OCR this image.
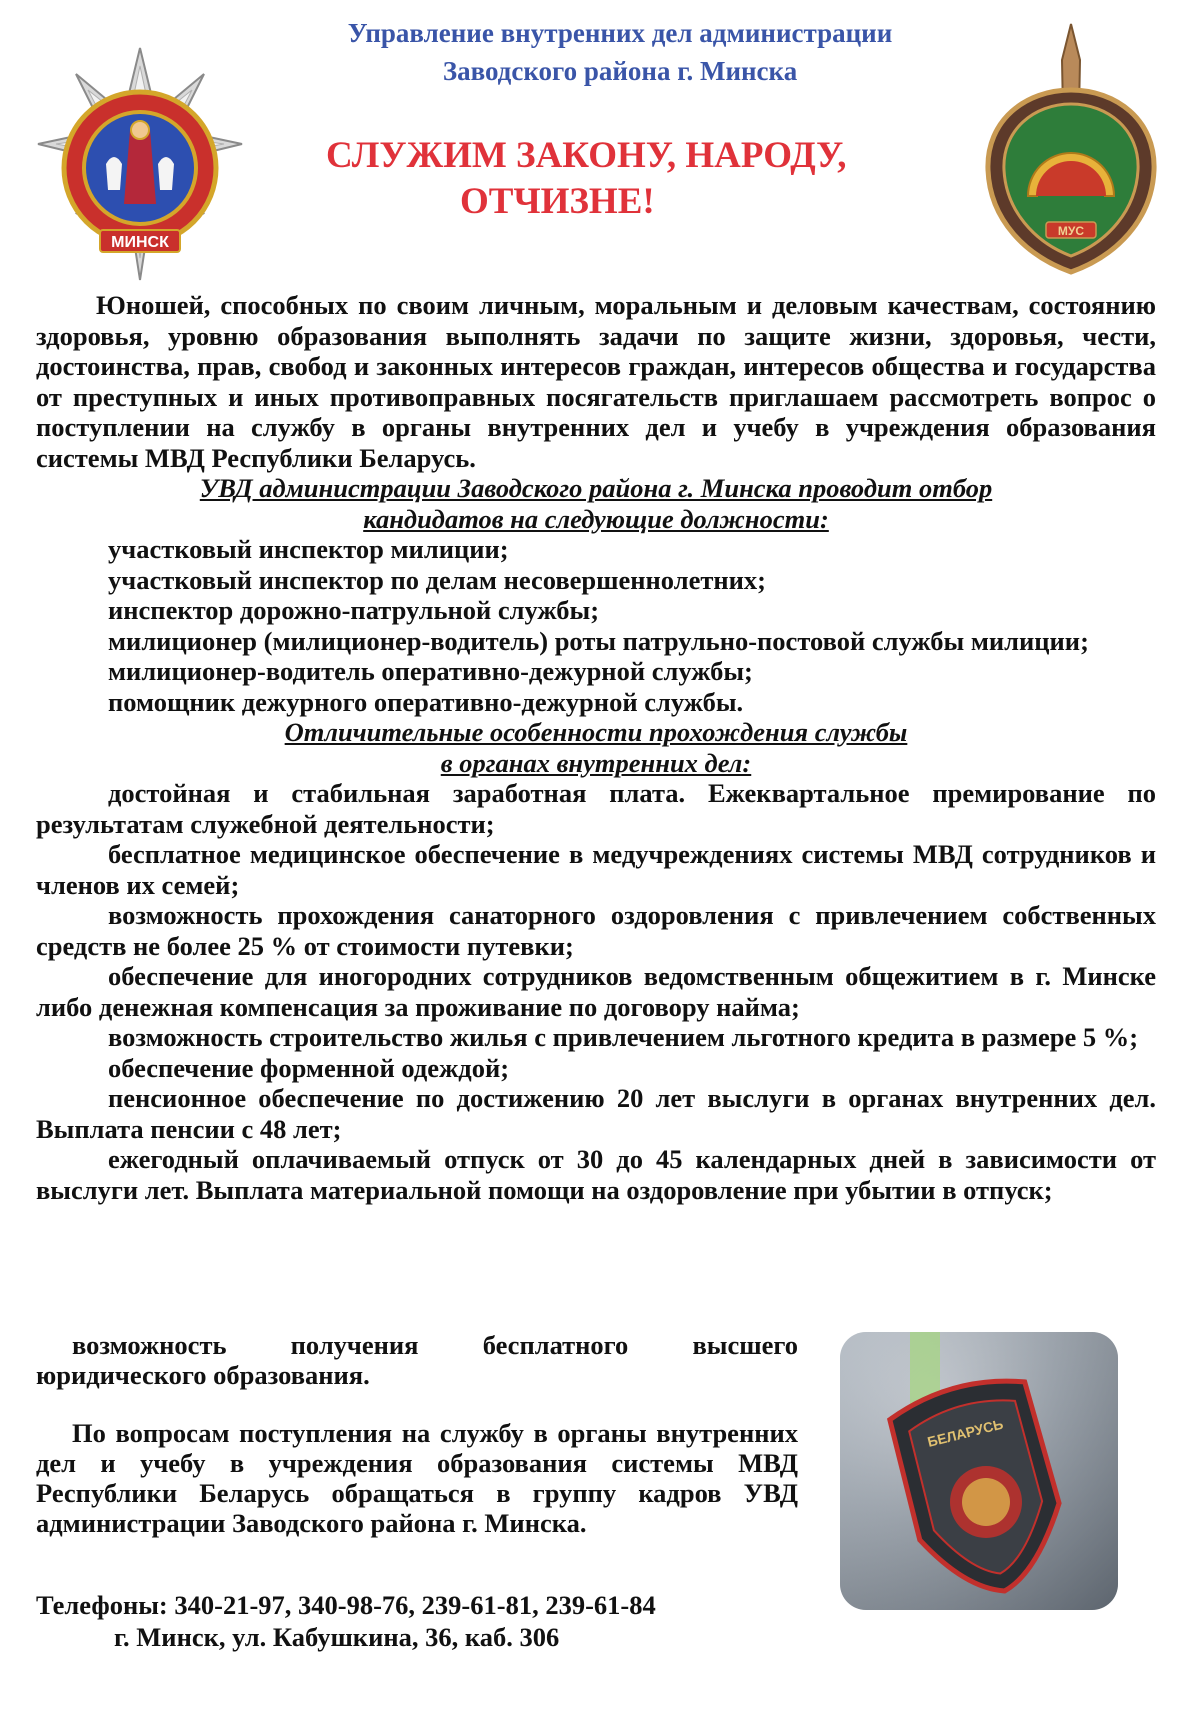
Управление внутренних дел администрации
Заводского района г. Минска
СЛУЖИМ ЗАКОНУ, НАРОДУ,
ОТЧИЗНЕ!
МИНСК
МУС

Юношей, способных по своим личным, моральным и деловым качествам, состоянию здоровья, уровню образования выполнять задачи по защите жизни, здоровья, чести, достоинства, прав, свобод и законных интересов граждан, интересов общества и государства от преступных и иных противоправных посягательств приглашаем рассмотреть вопрос о поступлении на службу в органы внутренних дел и учебу в учреждения образования системы МВД Республики Беларусь.

УВД администрации Заводского района г. Минска проводит отбор

кандидатов на следующие должности:

участковый инспектор милиции;

участковый инспектор по делам несовершеннолетних;

инспектор дорожно-патрульной службы;

милиционер (милиционер-водитель) роты патрульно-постовой службы милиции;

милиционер-водитель оперативно-дежурной службы;

помощник дежурного оперативно-дежурной службы.

Отличительные особенности прохождения службы

в органах внутренних дел:

достойная и стабильная заработная плата. Ежеквартальное премирование по результатам служебной деятельности;

бесплатное медицинское обеспечение в медучреждениях системы МВД сотрудников и членов их семей;

возможность прохождения санаторного оздоровления с привлечением собственных средств не более 25 % от стоимости путевки;

обеспечение для иногородних сотрудников ведомственным общежитием в г. Минске либо денежная компенсация за проживание по договору найма;

возможность строительство жилья с привлечением льготного кредита в размере 5 %;

обеспечение форменной одеждой;

пенсионное обеспечение по достижению 20 лет выслуги в органах внутренних дел. Выплата пенсии с 48 лет;

ежегодный оплачиваемый отпуск от 30 до 45 календарных дней в зависимости от выслуги лет. Выплата материальной помощи на оздоровление при убытии в отпуск;

возможность получения бесплатного высшего юридического образования.
По вопросам поступления на службу в органы внутренних дел и учебу в учреждения образования системы МВД Республики Беларусь обращаться в группу кадров УВД администрации Заводского района г. Минска.
Телефоны: 340-21-97, 340-98-76, 239-61-81, 239-61-84
г. Минск, ул. Кабушкина, 36, каб. 306
БЕЛАРУСЬ
